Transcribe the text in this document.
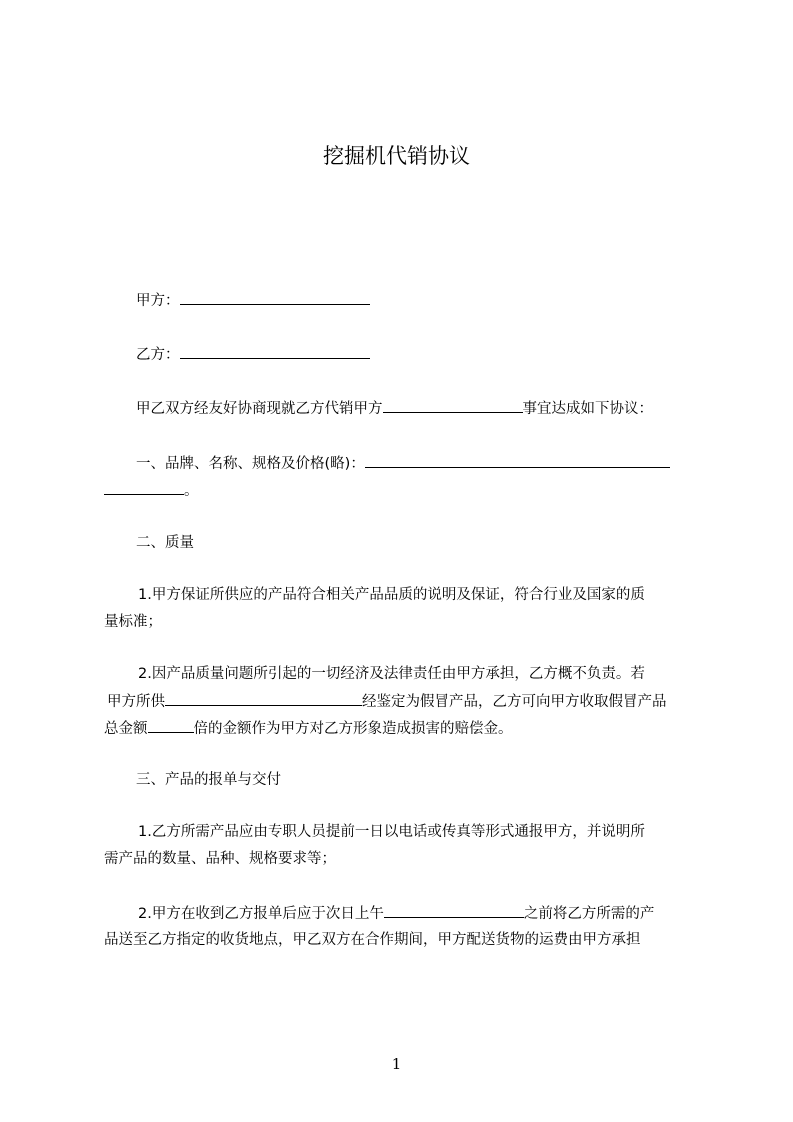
挖掘机代销协议
甲方：
乙方：
甲乙双方经友好协商现就乙方代销甲方	事宜达成如下协议：
一、品牌、名称、规格及价格(略)：
。
二、质量
1.甲方保证所供应的产品符合相关产品品质的说明及保证，符合行业及国家的质
量标准；
2.因产品质量问题所引起的一切经济及法律责任由甲方承担，乙方概不负责。若
甲方所供	经鉴定为假冒产品，乙方可向甲方收取假冒产品
总金额	倍的金额作为甲方对乙方形象造成损害的赔偿金。
三、产品的报单与交付
1.乙方所需产品应由专职人员提前一日以电话或传真等形式通报甲方，并说明所
需产品的数量、品种、规格要求等；
2.甲方在收到乙方报单后应于次日上午	之前将乙方所需的产
品送至乙方指定的收货地点，甲乙双方在合作期间，甲方配送货物的运费由甲方承担
1
